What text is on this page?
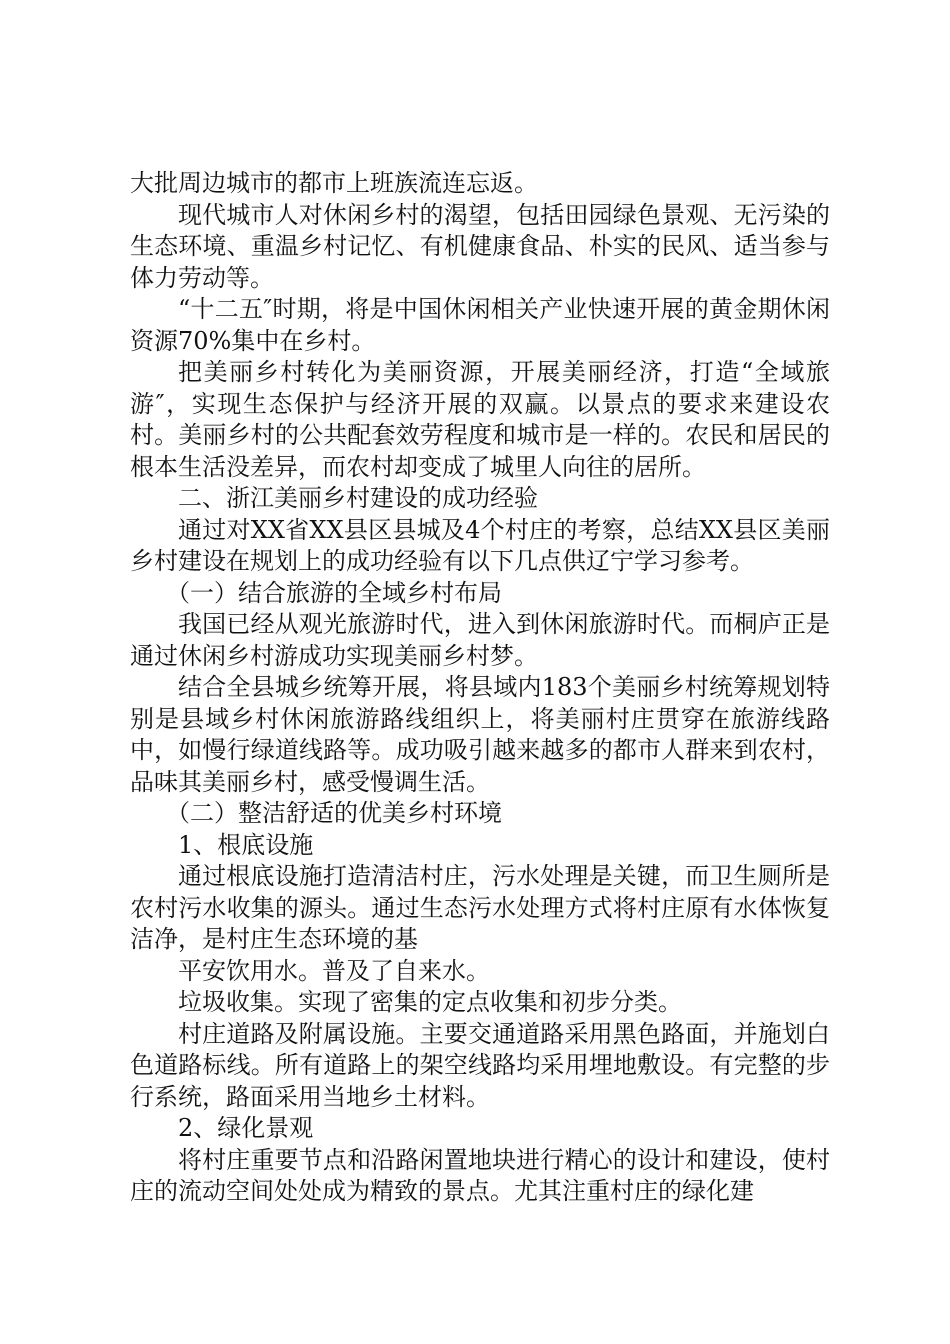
大批周边城市的都市上班族流连忘返。

现代城市人对休闲乡村的渴望，包括田园绿色景观、无污染的生态环境、重温乡村记忆、有机健康食品、朴实的民风、适当参与体力劳动等。

“十二五″时期，将是中国休闲相关产业快速开展的黄金期休闲资源70%集中在乡村。

把美丽乡村转化为美丽资源，开展美丽经济，打造“全域旅游″，实现生态保护与经济开展的双赢。以景点的要求来建设农村。美丽乡村的公共配套效劳程度和城市是一样的。农民和居民的根本生活没差异，而农村却变成了城里人向往的居所。

二、浙江美丽乡村建设的成功经验

通过对XX省XX县区县城及4个村庄的考察，总结XX县区美丽乡村建设在规划上的成功经验有以下几点供辽宁学习参考。

（一）结合旅游的全域乡村布局

我国已经从观光旅游时代，进入到休闲旅游时代。而桐庐正是通过休闲乡村游成功实现美丽乡村梦。

结合全县城乡统筹开展，将县域内183个美丽乡村统筹规划特别是县域乡村休闲旅游路线组织上，将美丽村庄贯穿在旅游线路中，如慢行绿道线路等。成功吸引越来越多的都市人群来到农村，品味其美丽乡村，感受慢调生活。

（二）整洁舒适的优美乡村环境

1、根底设施

通过根底设施打造清洁村庄，污水处理是关键，而卫生厕所是农村污水收集的源头。通过生态污水处理方式将村庄原有水体恢复洁净，是村庄生态环境的基

平安饮用水。普及了自来水。

垃圾收集。实现了密集的定点收集和初步分类。

村庄道路及附属设施。主要交通道路采用黑色路面，并施划白色道路标线。所有道路上的架空线路均采用埋地敷设。有完整的步行系统，路面采用当地乡土材料。

2、绿化景观

将村庄重要节点和沿路闲置地块进行精心的设计和建设，使村庄的流动空间处处成为精致的景点。尤其注重村庄的绿化建
